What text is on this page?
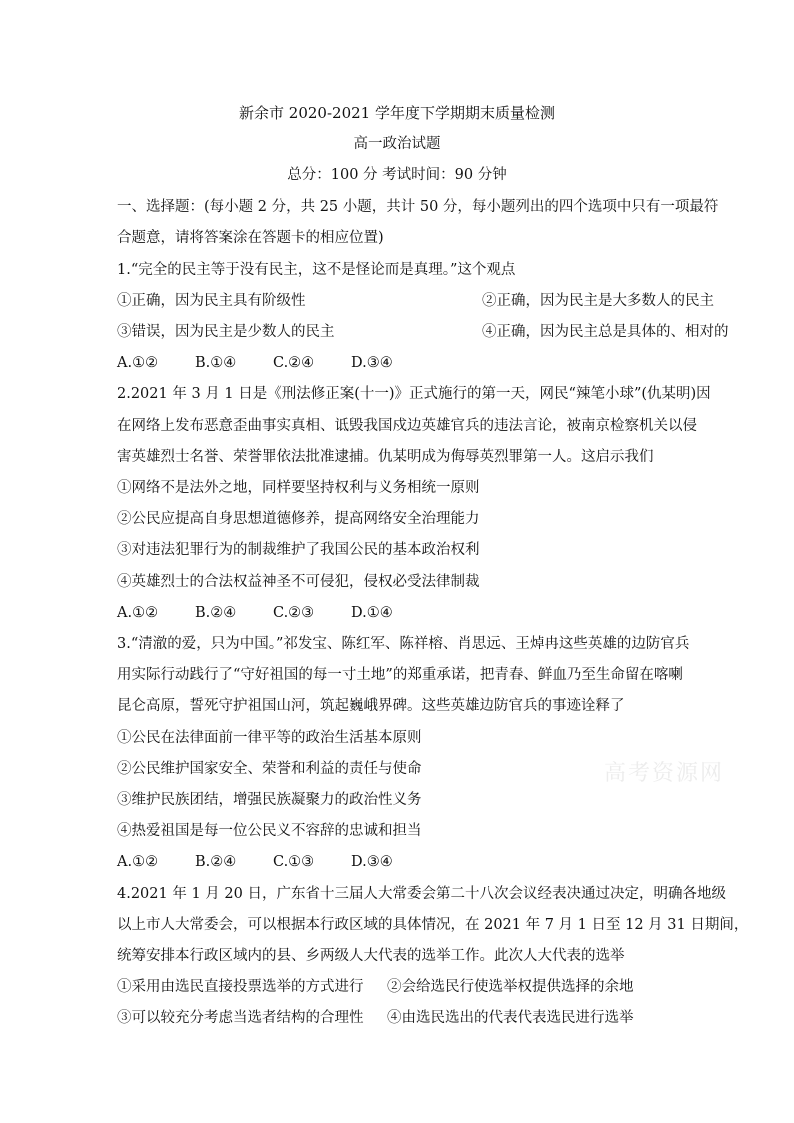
新余市 2020-2021 学年度下学期期末质量检测
高一政治试题
总分：100 分 考试时间：90 分钟
一、选择题：(每小题 2 分，共 25 小题，共计 50 分，每小题列出的四个选项中只有一项最符
合题意，请将答案涂在答题卡的相应位置)
1.“完全的民主等于没有民主，这不是怪论而是真理。”这个观点
①正确，因为民主具有阶级性	②正确，因为民主是大多数人的民主
③错误，因为民主是少数人的民主	④正确，因为民主总是具体的、相对的
A.①②	B.①④	C.②④	D.③④
2.2021 年 3 月 1 日是《刑法修正案(十一)》正式施行的第一天，网民“辣笔小球”(仇某明)因
在网络上发布恶意歪曲事实真相、诋毁我国戍边英雄官兵的违法言论，被南京检察机关以侵
害英雄烈士名誉、荣誉罪依法批准逮捕。仇某明成为侮辱英烈罪第一人。这启示我们
①网络不是法外之地，同样要坚持权利与义务相统一原则
②公民应提高自身思想道德修养，提高网络安全治理能力
③对违法犯罪行为的制裁维护了我国公民的基本政治权利
④英雄烈士的合法权益神圣不可侵犯，侵权必受法律制裁
A.①②	B.②④	C.②③	D.①④
3.“清澈的爱，只为中国。”祁发宝、陈红军、陈祥榕、肖思远、王焯冉这些英雄的边防官兵
用实际行动践行了“守好祖国的每一寸土地”的郑重承诺，把青春、鲜血乃至生命留在喀喇
昆仑高原，誓死守护祖国山河，筑起巍峨界碑。这些英雄边防官兵的事迹诠释了
①公民在法律面前一律平等的政治生活基本原则
②公民维护国家安全、荣誉和利益的责任与使命
③维护民族团结，增强民族凝聚力的政治性义务
④热爱祖国是每一位公民义不容辞的忠诚和担当
A.①②	B.②④	C.①③	D.③④
4.2021 年 1 月 20 日，广东省十三届人大常委会第二十八次会议经表决通过决定，明确各地级
以上市人大常委会，可以根据本行政区域的具体情况，在 2021 年 7 月 1 日至 12 月 31 日期间，
统筹安排本行政区域内的县、乡两级人大代表的选举工作。此次人大代表的选举
①采用由选民直接投票选举的方式进行 ②会给选民行使选举权提供选择的余地
③可以较充分考虑当选者结构的合理性 ④由选民选出的代表代表选民进行选举
高考资源网
